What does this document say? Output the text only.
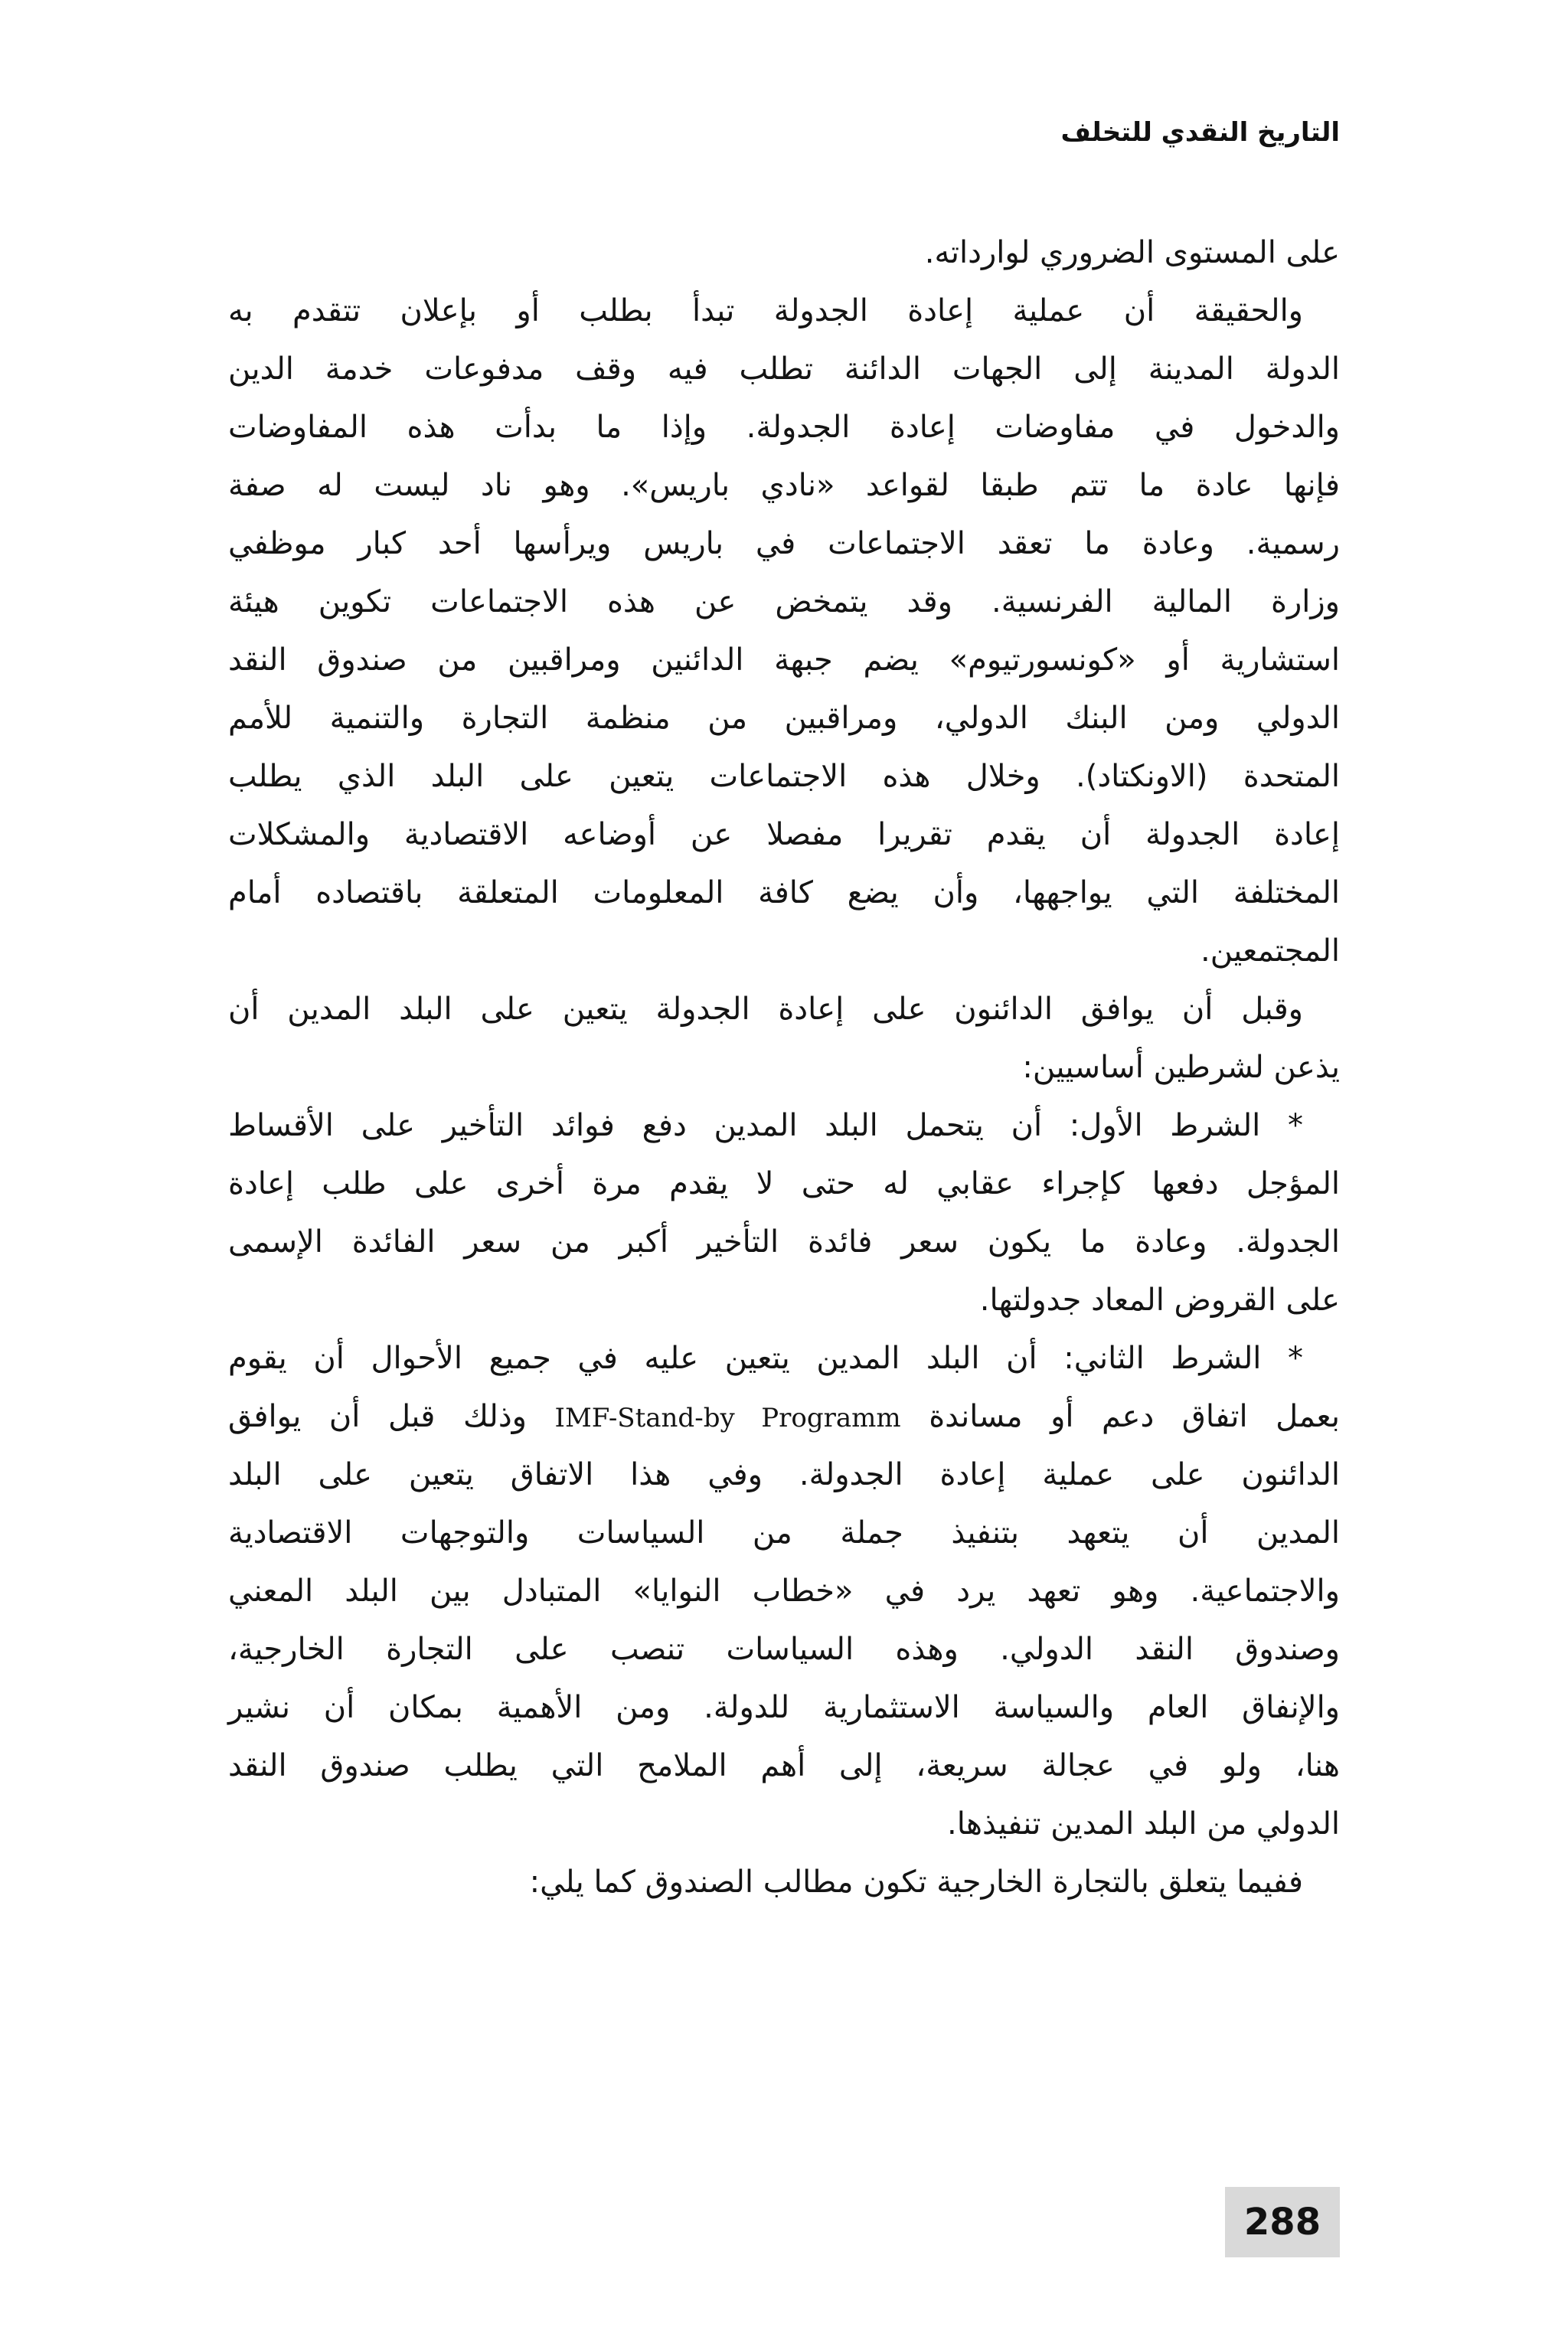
التاريخ النقدي للتخلف
على المستوى الضروري لوارداته.
والحقيقة أن عملية إعادة الجدولة تبدأ بطلب أو بإعلان تتقدم به
الدولة المدينة إلى الجهات الدائنة تطلب فيه وقف مدفوعات خدمة الدين
والدخول في مفاوضات إعادة الجدولة. وإذا ما بدأت هذه المفاوضات
فإنها عادة ما تتم طبقا لقواعد «نادي باريس». وهو ناد ليست له صفة
رسمية. وعادة ما تعقد الاجتماعات في باريس ويرأسها أحد كبار موظفي
وزارة المالية الفرنسية. وقد يتمخض عن هذه الاجتماعات تكوين هيئة
استشارية أو «كونسورتيوم» يضم جبهة الدائنين ومراقبين من صندوق النقد
الدولي ومن البنك الدولي، ومراقبين من منظمة التجارة والتنمية للأمم
المتحدة (الاونكتاد). وخلال هذه الاجتماعات يتعين على البلد الذي يطلب
إعادة الجدولة أن يقدم تقريرا مفصلا عن أوضاعه الاقتصادية والمشكلات
المختلفة التي يواجهها، وأن يضع كافة المعلومات المتعلقة باقتصاده أمام
المجتمعين.
وقبل أن يوافق الدائنون على إعادة الجدولة يتعين على البلد المدين أن
يذعن لشرطين أساسيين:
* الشرط الأول: أن يتحمل البلد المدين دفع فوائد التأخير على الأقساط
المؤجل دفعها كإجراء عقابي له حتى لا يقدم مرة أخرى على طلب إعادة
الجدولة. وعادة ما يكون سعر فائدة التأخير أكبر من سعر الفائدة الإسمى
على القروض المعاد جدولتها.
* الشرط الثاني: أن البلد المدين يتعين عليه في جميع الأحوال أن يقوم
بعمل اتفاق دعم أو مساندة IMF-Stand-by Programm وذلك قبل أن يوافق
الدائنون على عملية إعادة الجدولة. وفي هذا الاتفاق يتعين على البلد
المدين أن يتعهد بتنفيذ جملة من السياسات والتوجهات الاقتصادية
والاجتماعية. وهو تعهد يرد في «خطاب النوايا» المتبادل بين البلد المعني
وصندوق النقد الدولي. وهذه السياسات تنصب على التجارة الخارجية،
والإنفاق العام والسياسة الاستثمارية للدولة. ومن الأهمية بمكان أن نشير
هنا، ولو في عجالة سريعة، إلى أهم الملامح التي يطلب صندوق النقد
الدولي من البلد المدين تنفيذها.
ففيما يتعلق بالتجارة الخارجية تكون مطالب الصندوق كما يلي:
288
